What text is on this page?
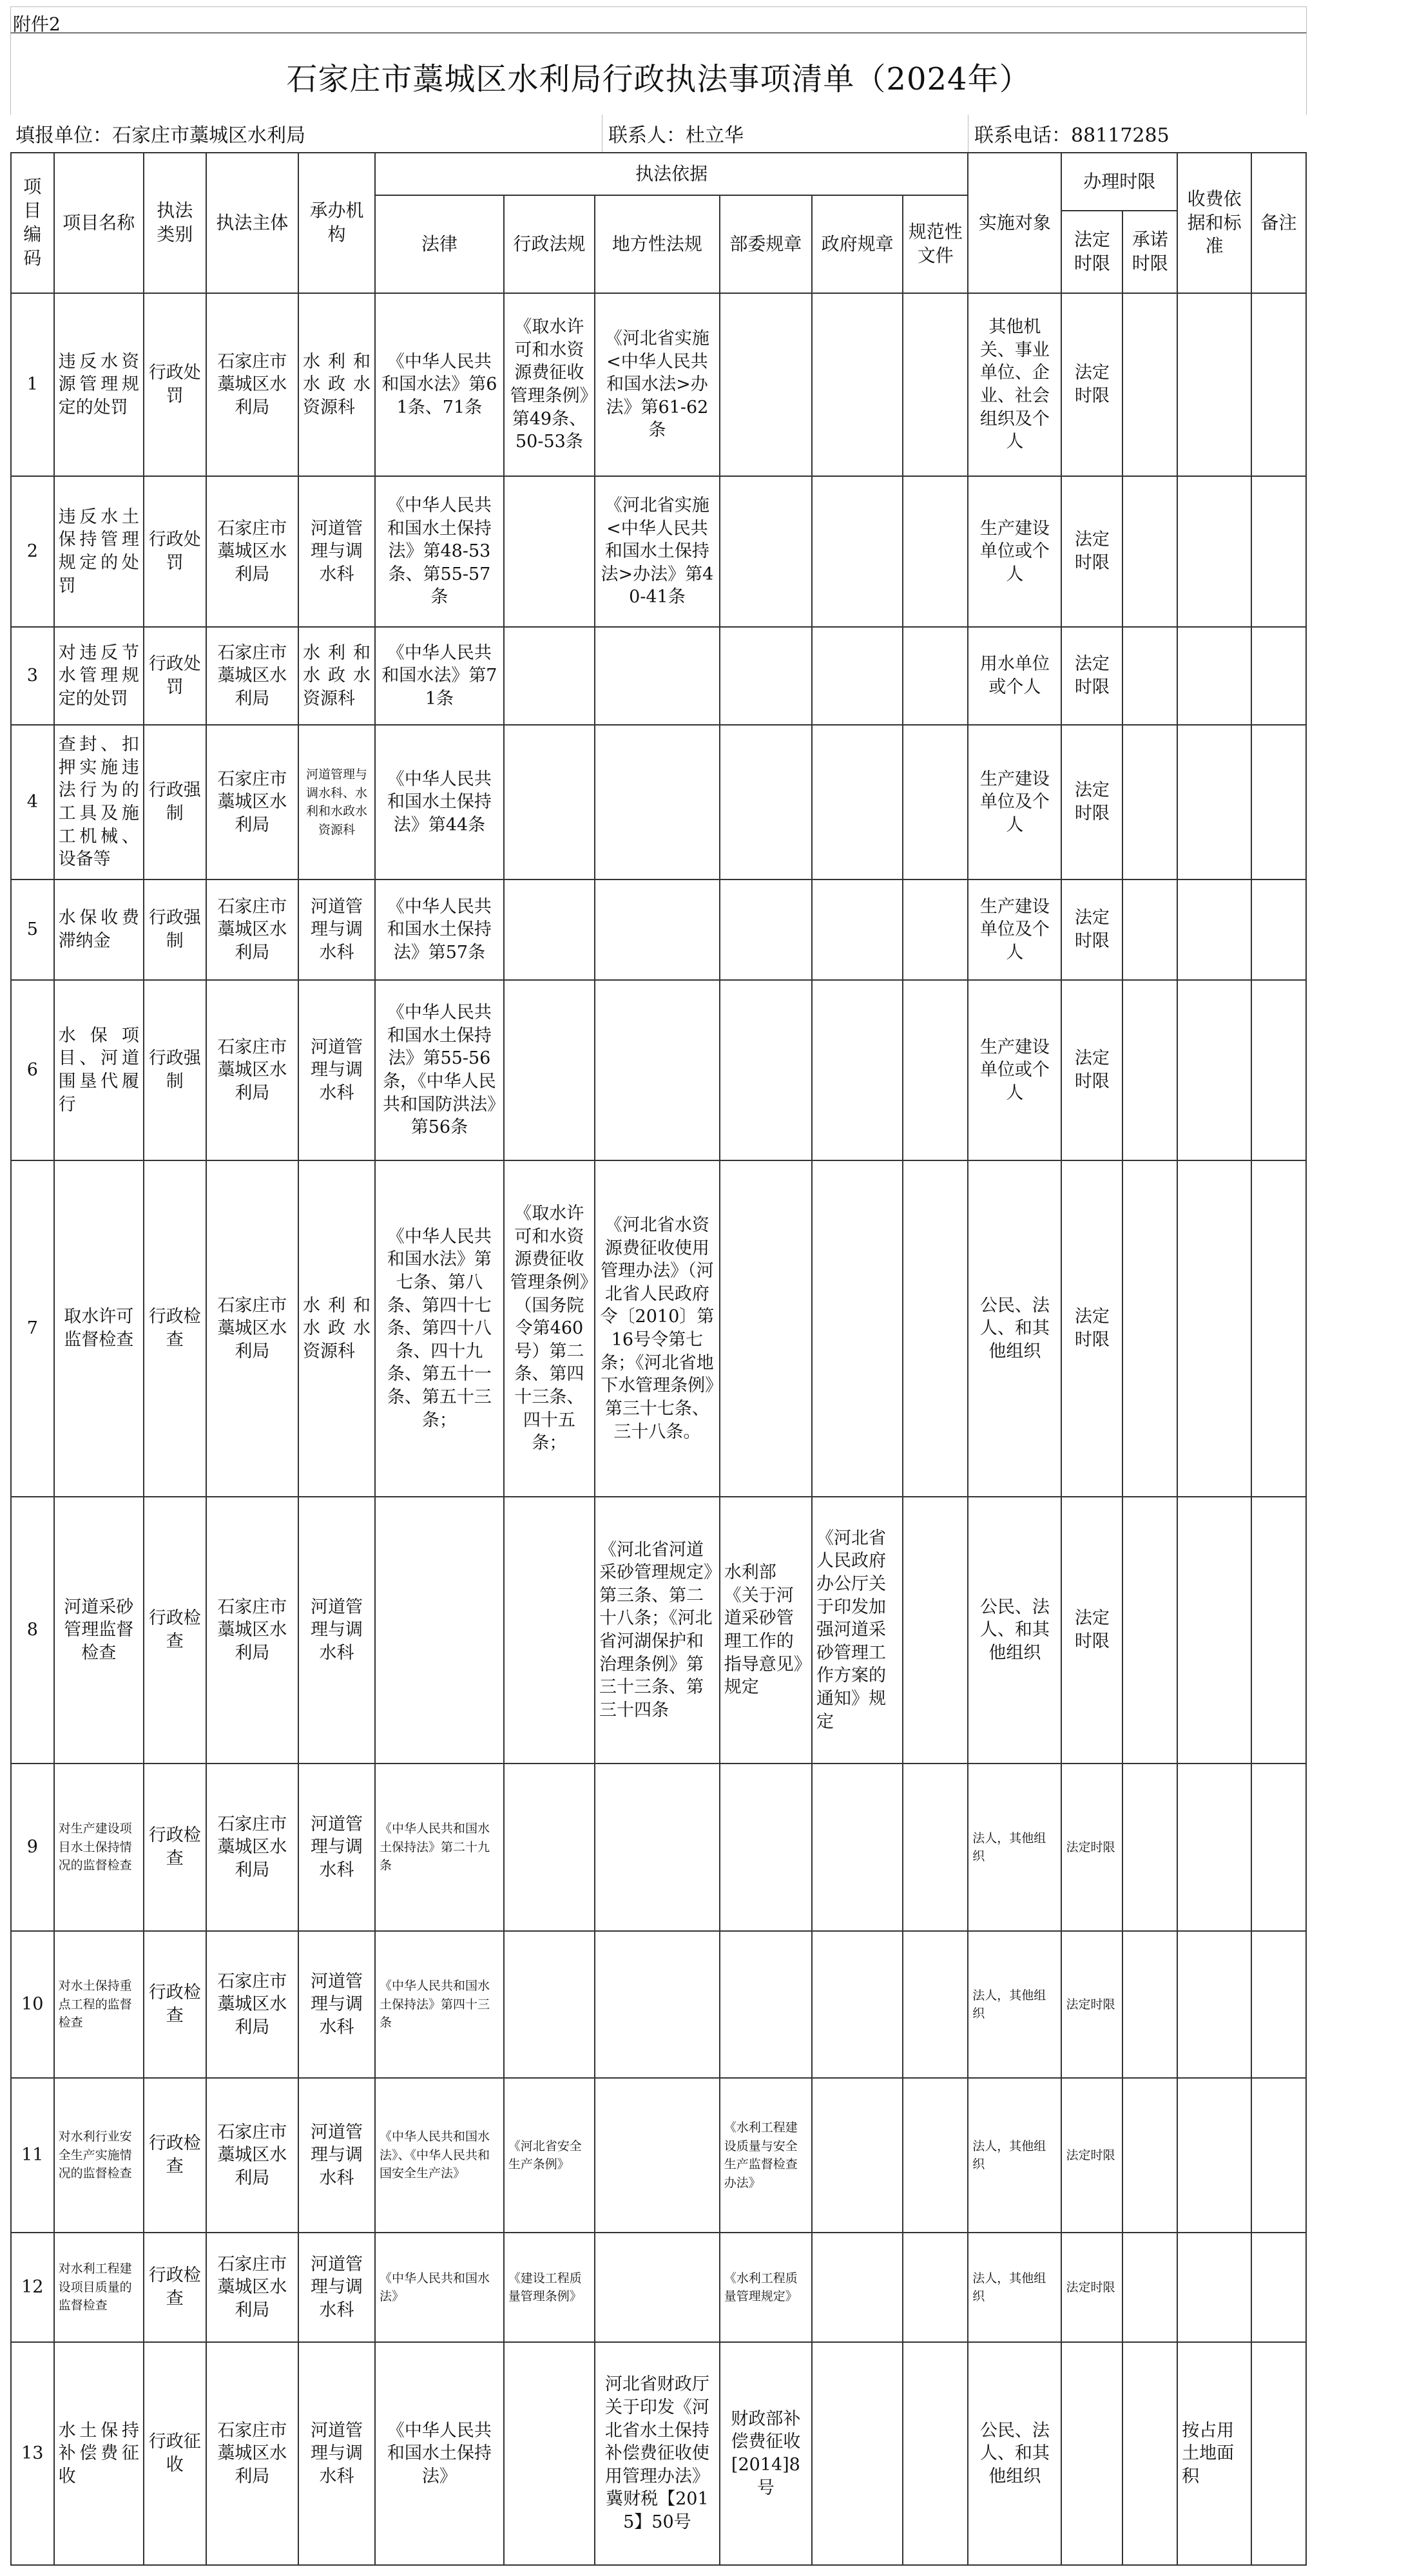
附件2
石家庄市藁城区水利局行政执法事项清单（2024年）
填报单位：石家庄市藁城区水利局	联系人：杜立华	联系电话：88117285
项目编码	项目名称	执法类别	执法主体	承办机构	执法依据						实施对象	办理时限		收费依据和标准	备注
					法律	行政法规	地方性法规	部委规章	政府规章	规范性文件					
												法定时限	承诺时限		
1	违反水资源管理规定的处罚	行政处罚	石家庄市藁城区水利局	水利和水政水资源科	《中华人民共和国水法》第61条、71条	《取水许可和水资源费征收管理条例》第49条、50-53条	《河北省实施<中华人民共和国水法>办法》第61-62条				其他机关、事业单位、企业、社会组织及个人	法定时限			
2	违反水土保持管理规定的处罚	行政处罚	石家庄市藁城区水利局	河道管理与调水科	《中华人民共和国水土保持法》第48-53条、第55-57条		《河北省实施<中华人民共和国水土保持法>办法》第40-41条				生产建设单位或个人	法定时限			
3	对违反节水管理规定的处罚	行政处罚	石家庄市藁城区水利局	水利和水政水资源科	《中华人民共和国水法》第71条						用水单位或个人	法定时限			
4	查封、扣押实施违法行为的工具及施工机械、设备等	行政强制	石家庄市藁城区水利局	河道管理与调水科、水利和水政水资源科	《中华人民共和国水土保持法》第44条						生产建设单位及个人	法定时限			
5	水保收费滞纳金	行政强制	石家庄市藁城区水利局	河道管理与调水科	《中华人民共和国水土保持法》第57条						生产建设单位及个人	法定时限			
6	水保项目、河道围垦代履行	行政强制	石家庄市藁城区水利局	河道管理与调水科	《中华人民共和国水土保持法》第55-56条，《中华人民共和国防洪法》第56条						生产建设单位或个人	法定时限			
7	取水许可监督检查	行政检查	石家庄市藁城区水利局	水利和水政水资源科	《中华人民共和国水法》第七条、第八条、第四十七条、第四十八条、四十九条、第五十一条、第五十三条；	《取水许可和水资源费征收管理条例》（国务院令第460号）第二条、第四十三条、四十五条；	《河北省水资源费征收使用管理办法》（河北省人民政府令〔2010〕第16号令第七条；《河北省地下水管理条例》第三十七条、三十八条。				公民、法人、和其他组织	法定时限			
8	河道采砂管理监督检查	行政检查	石家庄市藁城区水利局	河道管理与调水科			《河北省河道采砂管理规定》第三条、第二十八条；《河北省河湖保护和治理条例》第三十三条、第三十四条	水利部《关于河道采砂管理工作的指导意见》规定	《河北省人民政府办公厅关于印发加强河道采砂管理工作方案的通知》规定		公民、法人、和其他组织	法定时限			
9	对生产建设项目水土保持情况的监督检查	行政检查	石家庄市藁城区水利局	河道管理与调水科	《中华人民共和国水土保持法》第二十九条						法人，其他组织	法定时限			
10	对水土保持重点工程的监督检查	行政检查	石家庄市藁城区水利局	河道管理与调水科	《中华人民共和国水土保持法》第四十三条						法人，其他组织	法定时限			
11	对水利行业安全生产实施情况的监督检查	行政检查	石家庄市藁城区水利局	河道管理与调水科	《中华人民共和国水法》、《中华人民共和国安全生产法》	《河北省安全生产条例》		《水利工程建设质量与安全生产监督检查办法》			法人，其他组织	法定时限			
12	对水利工程建设项目质量的监督检查	行政检查	石家庄市藁城区水利局	河道管理与调水科	《中华人民共和国水法》	《建设工程质量管理条例》		《水利工程质量管理规定》			法人，其他组织	法定时限			
13	水土保持补偿费征收	行政征收	石家庄市藁城区水利局	河道管理与调水科	《中华人民共和国水土保持法》		河北省财政厅关于印发《河北省水土保持补偿费征收使用管理办法》冀财税【2015】50号	财政部补偿费征收[2014]8号			公民、法人、和其他组织			按占用土地面积	
